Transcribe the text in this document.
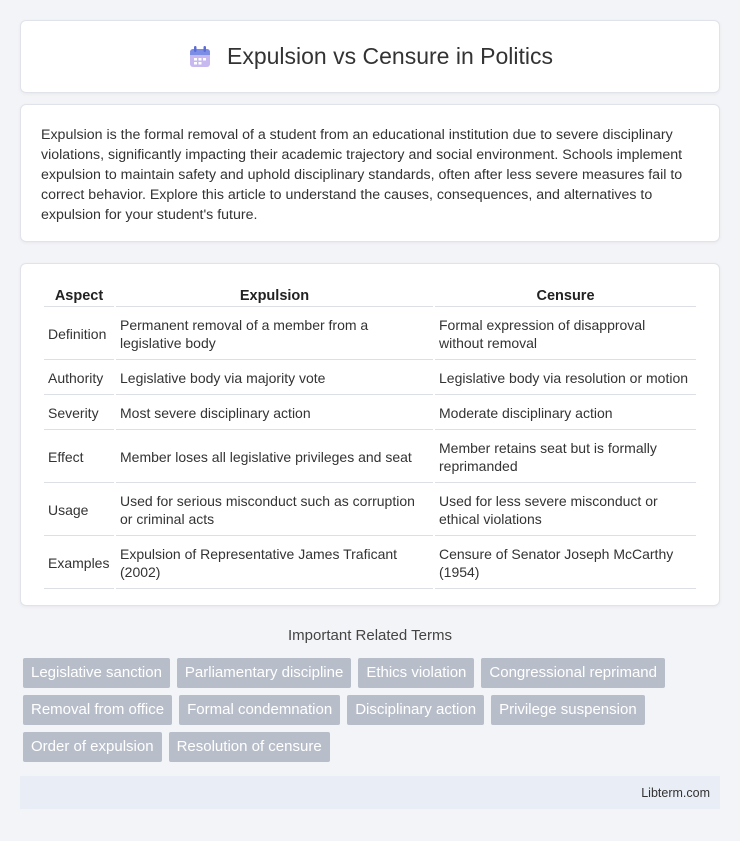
Expulsion vs Censure in Politics

Expulsion is the formal removal of a student from an educational institution due to severe disciplinary violations, significantly impacting their academic trajectory and social environment. Schools implement expulsion to maintain safety and uphold disciplinary standards, often after less severe measures fail to correct behavior. Explore this article to understand the causes, consequences, and alternatives to expulsion for your student's future.

Aspect	Expulsion	Censure
Definition	Permanent removal of a member from a legislative body	Formal expression of disapproval without removal
Authority	Legislative body via majority vote	Legislative body via resolution or motion
Severity	Most severe disciplinary action	Moderate disciplinary action
Effect	Member loses all legislative privileges and seat	Member retains seat but is formally reprimanded
Usage	Used for serious misconduct such as corruption or criminal acts	Used for less severe misconduct or ethical violations
Examples	Expulsion of Representative James Traficant (2002)	Censure of Senator Joseph McCarthy (1954)
Important Related Terms
Legislative sanction	Parliamentary discipline	Ethics violation	Congressional reprimand
Removal from office	Formal condemnation	Disciplinary action	Privilege suspension
Order of expulsion	Resolution of censure
Libterm.com
